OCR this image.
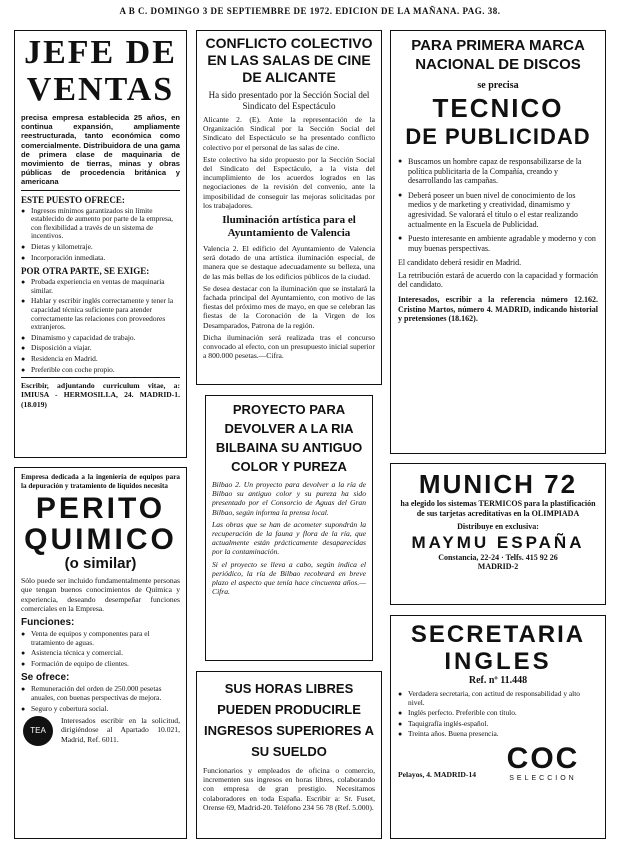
A B C. DOMINGO 3 DE SEPTIEMBRE DE 1972. EDICION DE LA MAÑANA. PAG. 38.
JEFE DE
VENTAS

precisa empresa establecida 25 años, en continua expansión, ampliamente reestructurada, tanto económica como comercialmente. Distribuidora de una gama de primera clase de maquinaria de movimiento de tierras, minas y obras públicas de procedencia británica y americana

ESTE PUESTO OFRECE:
● Ingresos mínimos garantizados sin límite establecido de aumento por parte de la empresa, con flexibilidad a través de un sistema de incentivos.
● Dietas y kilometraje.
● Incorporación inmediata.
POR OTRA PARTE, SE EXIGE:
● Probada experiencia en ventas de maquinaria similar.
● Hablar y escribir inglés correctamente y tener la capacidad técnica suficiente para atender correctamente las relaciones con proveedores extranjeros.
● Dinamismo y capacidad de trabajo.
● Disposición a viajar.
● Residencia en Madrid.
● Preferible con coche propio.

Escribir, adjuntando curriculum vitae, a: IMIUSA - HERMOSILLA, 24. MADRID-1. (18.019)

Empresa dedicada a la ingeniería de equipos para la depuración y tratamiento de líquidos necesita

PERITO
QUIMICO
(o similar)

Sólo puede ser incluido fundamentalmente personas que tengan buenos conocimientos de Química y experiencia, deseando desempeñar funciones comerciales en la Empresa.

Funciones:
● Venta de equipos y componentes para el tratamiento de aguas.
● Asistencia técnica y comercial.
● Formación de equipo de clientes.
Se ofrece:
● Remuneración del orden de 250.000 pesetas anuales, con buenas perspectivas de mejora.
● Seguro y cobertura social.
TEA

Interesados escribir en la solicitud, dirigiéndose al Apartado 10.021, Madrid, Ref. 6011.

CONFLICTO COLECTIVO EN LAS SALAS DE CINE DE ALICANTE

Ha sido presentado por la Sección Social del Sindicato del Espectáculo

Alicante 2. (E). Ante la representación de la Organización Sindical por la Sección Social del Sindicato del Espectáculo se ha presentado conflicto colectivo por el personal de las salas de cine.

Este colectivo ha sido propuesto por la Sección Social del Sindicato del Espectáculo, a la vista del incumplimiento de los acuerdos logrados en las negociaciones de la revisión del convenio, ante la imposibilidad de conseguir las mejoras solicitadas por los trabajadores.

Iluminación artística para el Ayuntamiento de Valencia

Valencia 2. El edificio del Ayuntamiento de Valencia será dotado de una artística iluminación especial, de manera que se destaque adecuadamente su belleza, una de las más bellas de los edificios públicos de la ciudad.

Se desea destacar con la iluminación que se instalará la fachada principal del Ayuntamiento, con motivo de las fiestas del próximo mes de mayo, en que se celebran las fiestas de la Coronación de la Virgen de los Desamparados, Patrona de la región.

Dicha iluminación será realizada tras el concurso convocado al efecto, con un presupuesto inicial superior a 800.000 pesetas.—Cifra.

PROYECTO PARA DEVOLVER A LA RIA BILBAINA SU ANTIGUO COLOR Y PUREZA

Bilbao 2. Un proyecto para devolver a la ría de Bilbao su antiguo color y su pureza ha sido presentado por el Consorcio de Aguas del Gran Bilbao, según informa la prensa local.

Las obras que se han de acometer supondrán la recuperación de la fauna y flora de la ría, que actualmente están prácticamente desaparecidas por la contaminación.

Si el proyecto se lleva a cabo, según indica el periódico, la ría de Bilbao recobrará en breve plazo el aspecto que tenía hace cincuenta años.—Cifra.

SUS HORAS LIBRES PUEDEN PRODUCIRLE INGRESOS SUPERIORES A SU SUELDO

Funcionarios y empleados de oficina o comercio, incrementen sus ingresos en horas libres, colaborando con empresa de gran prestigio. Necesitamos colaboradores en toda España. Escribir a: Sr. Fuset, Orense 69, Madrid-20. Teléfono 234 56 78 (Ref. 5.000).

PARA PRIMERA MARCA NACIONAL DE DISCOS
se precisa
TECNICO
DE PUBLICIDAD
● Buscamos un hombre capaz de responsabilizarse de la política publicitaria de la Compañía, creando y desarrollando las campañas.
● Deberá poseer un buen nivel de conocimiento de los medios y de marketing y creatividad, dinamismo y agresividad. Se valorará el título o el estar realizando actualmente en la Escuela de Publicidad.
● Puesto interesante en ambiente agradable y moderno y con muy buenas perspectivas.

El candidato deberá residir en Madrid.

La retribución estará de acuerdo con la capacidad y formación del candidato.

Interesados, escribir a la referencia número 12.162. Cristino Martos, número 4. MADRID, indicando historial y pretensiones (18.162).

MUNICH 72

ha elegido los sistemas TERMICOS para la plastificación de sus tarjetas acreditativas en la OLIMPIADA

Distribuye en exclusiva:
MAYMU ESPAÑA
Constancia, 22-24 · Telfs. 415 92 26
MADRID-2
SECRETARIA
INGLES
Ref. nº 11.448
● Verdadera secretaria, con actitud de responsabilidad y alto nivel.
● Inglés perfecto. Preferible con título.
● Taquigrafía inglés-español.
● Treinta años. Buena presencia.
Pelayos, 4. MADRID-14	COC
SELECCION
